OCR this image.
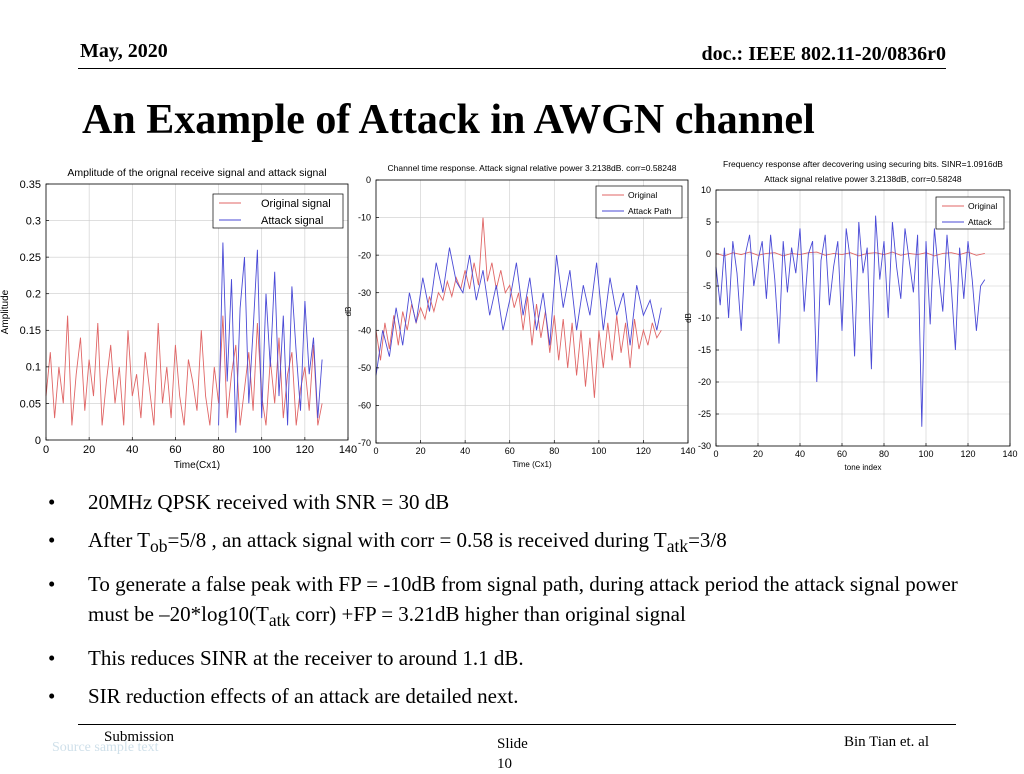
May, 2020	doc.: IEEE 802.11-20/0836r0
An Example of Attack in AWGN channel
0	20	40	60	80	100 120 140
0
0.05
0.1
0.15
0.2
0.25
0.3
0.35
Amplitude of the orignal receive signal and attack signal
Time(Cx1)
Amplitude
Original signal
Attack signal
0	20	40	60	80	100	120	140
0
-10
-20
-30
-40
-50
-60
-70
Channel time response. Attack signal relative power 3.2138dB. corr=0.58248
Time (Cx1)
dB
Original
Attack Path
0	20	40	60	80	100	120	140
10
5
0
-5
-10
-15
-20
-25
-30
Frequency response after decovering using securing bits. SINR=1.0916dB
Attack signal relative power 3.2138dB, corr=0.58248
tone index
dB
Original
Attack
• 20MHz QPSK received with SNR = 30 dB
• After $T_{ob}=5/8$ , an attack signal with corr = 0.58 is received during $T_{atk}=3/8$
• To generate a false peak with FP = -10dB from signal path, during attack period the attack signal power must be $-20*\log 10(T_{atk}$ corr) +FP = 3.21dB higher than original signal
• This reduces SINR at the receiver to around 1.1 dB.
• SIR reduction effects of an attack are detailed next.
Source sample text
Submission	Slide
10
Bin Tian et. al
